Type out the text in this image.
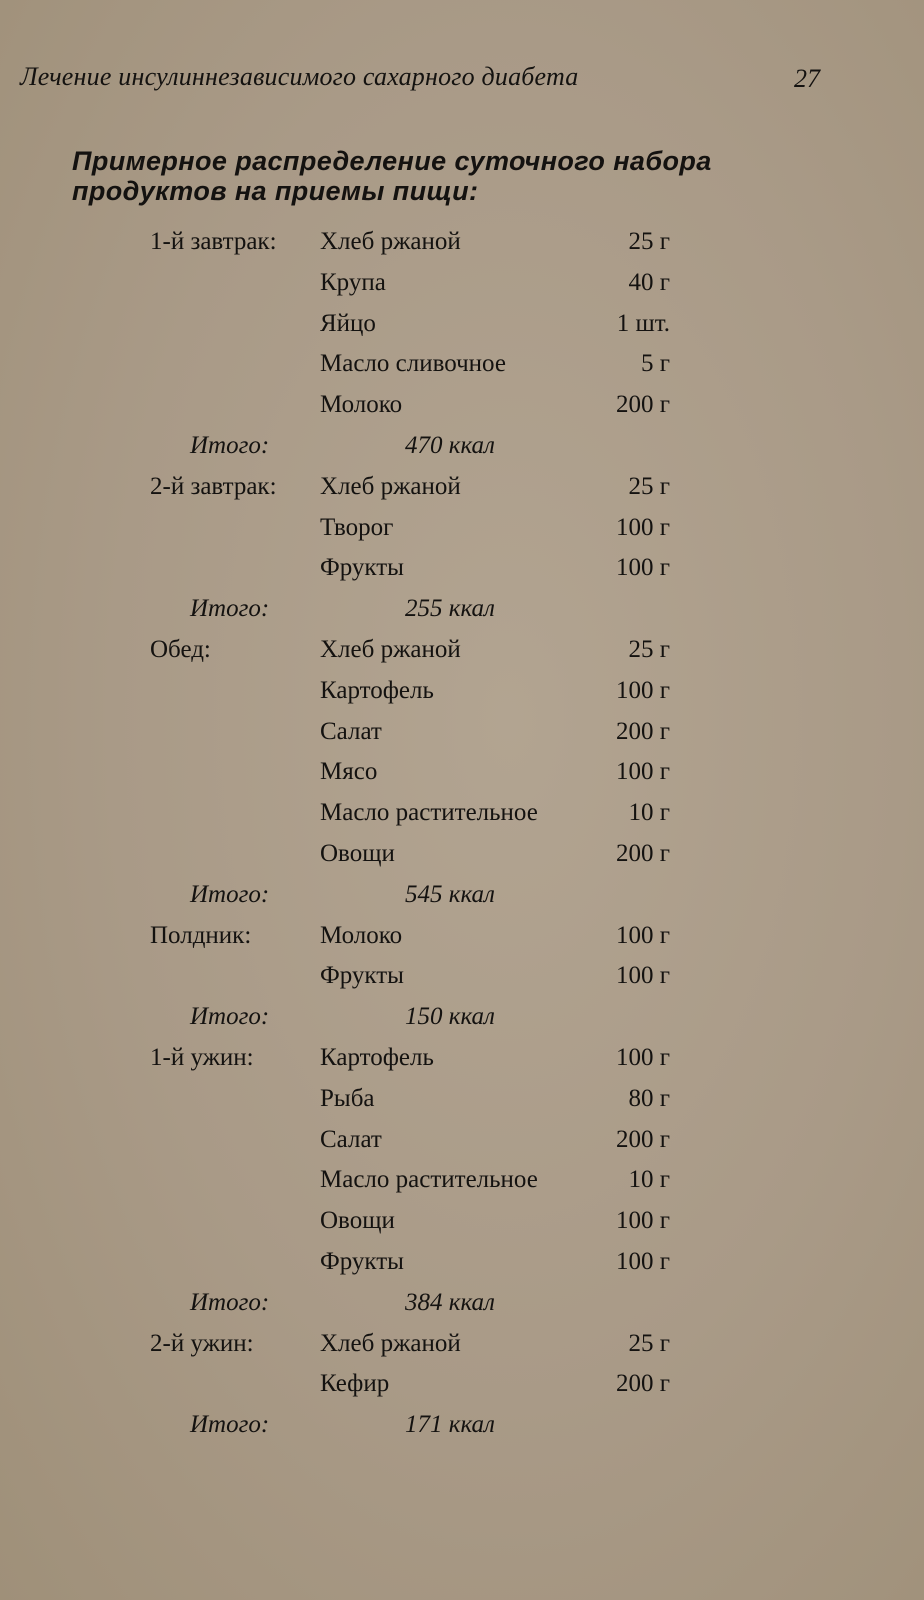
Лечение инсулиннезависимого сахарного диабета	27
Примерное распределение суточного набора
продуктов на приемы пищи:
1-й завтрак: Хлеб ржаной	25 г
Крупа	40 г
Яйцо	1 шт.
Масло сливочное	5 г
Молоко	200 г
Итого:	470 ккал
2-й завтрак: Хлеб ржаной	25 г
Творог	100 г
Фрукты	100 г
Итого:	255 ккал
Обед:	Хлеб ржаной	25 г
Картофель	100 г
Салат	200 г
Мясо	100 г
Масло растительное	10 г
Овощи	200 г
Итого:	545 ккал
Полдник:	Молоко	100 г
Фрукты	100 г
Итого:	150 ккал
1-й ужин:	Картофель	100 г
Рыба	80 г
Салат	200 г
Масло растительное	10 г
Овощи	100 г
Фрукты	100 г
Итого:	384 ккал
2-й ужин:	Хлеб ржаной	25 г
Кефир	200 г
Итого:	171 ккал
